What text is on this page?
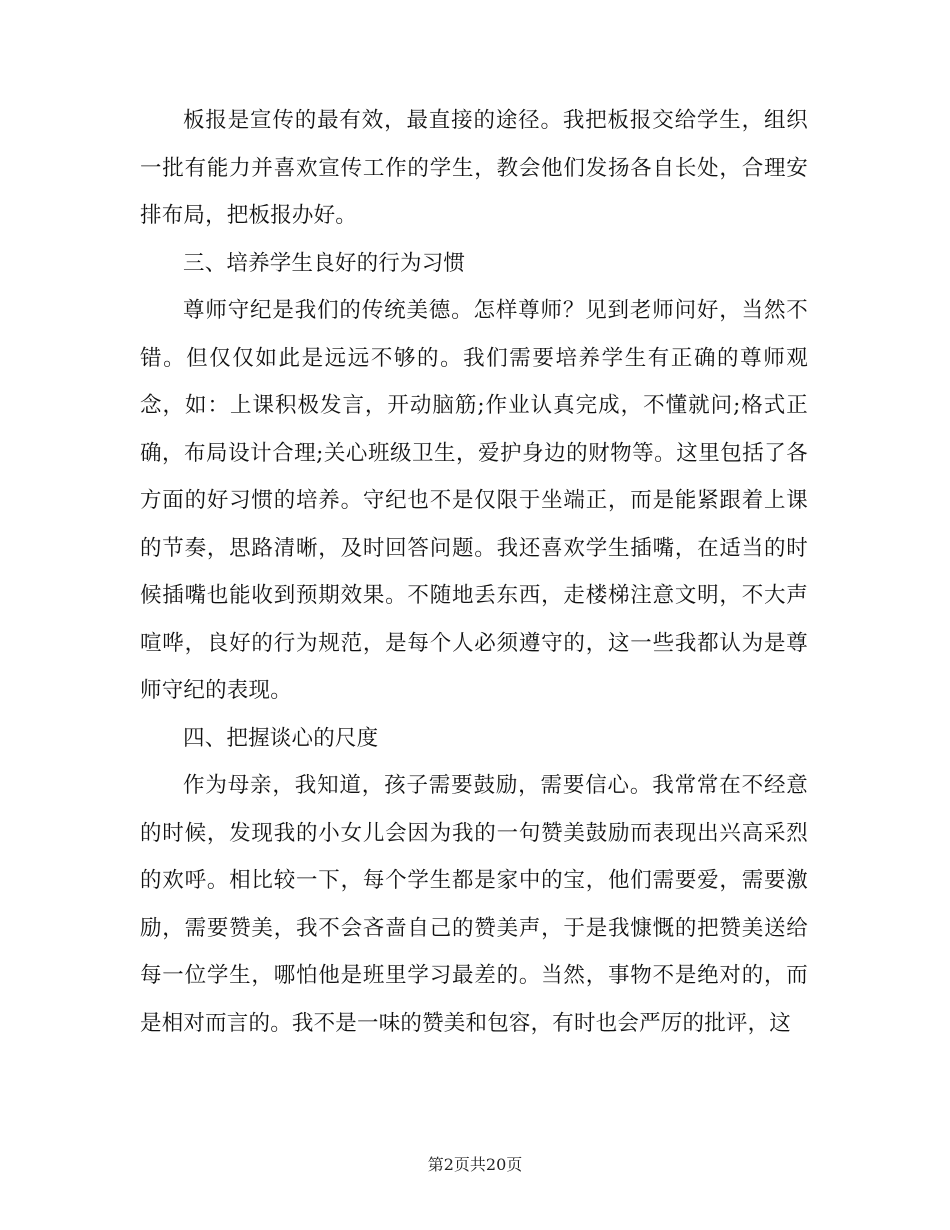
板报是宣传的最有效，最直接的途径。我把板报交给学生，组织一批有能力并喜欢宣传工作的学生，教会他们发扬各自长处，合理安排布局，把板报办好。

三、培养学生良好的行为习惯

尊师守纪是我们的传统美德。怎样尊师？见到老师问好，当然不错。但仅仅如此是远远不够的。我们需要培养学生有正确的尊师观念，如：上课积极发言，开动脑筋;作业认真完成，不懂就问;格式正确，布局设计合理;关心班级卫生，爱护身边的财物等。这里包括了各方面的好习惯的培养。守纪也不是仅限于坐端正，而是能紧跟着上课的节奏，思路清晰，及时回答问题。我还喜欢学生插嘴，在适当的时候插嘴也能收到预期效果。不随地丢东西，走楼梯注意文明，不大声喧哗，良好的行为规范，是每个人必须遵守的，这一些我都认为是尊师守纪的表现。

四、把握谈心的尺度

作为母亲，我知道，孩子需要鼓励，需要信心。我常常在不经意的时候，发现我的小女儿会因为我的一句赞美鼓励而表现出兴高采烈的欢呼。相比较一下，每个学生都是家中的宝，他们需要爱，需要激励，需要赞美，我不会吝啬自己的赞美声，于是我慷慨的把赞美送给每一位学生，哪怕他是班里学习最差的。当然，事物不是绝对的，而是相对而言的。我不是一味的赞美和包容，有时也会严厉的批评，这

第2页共20页
